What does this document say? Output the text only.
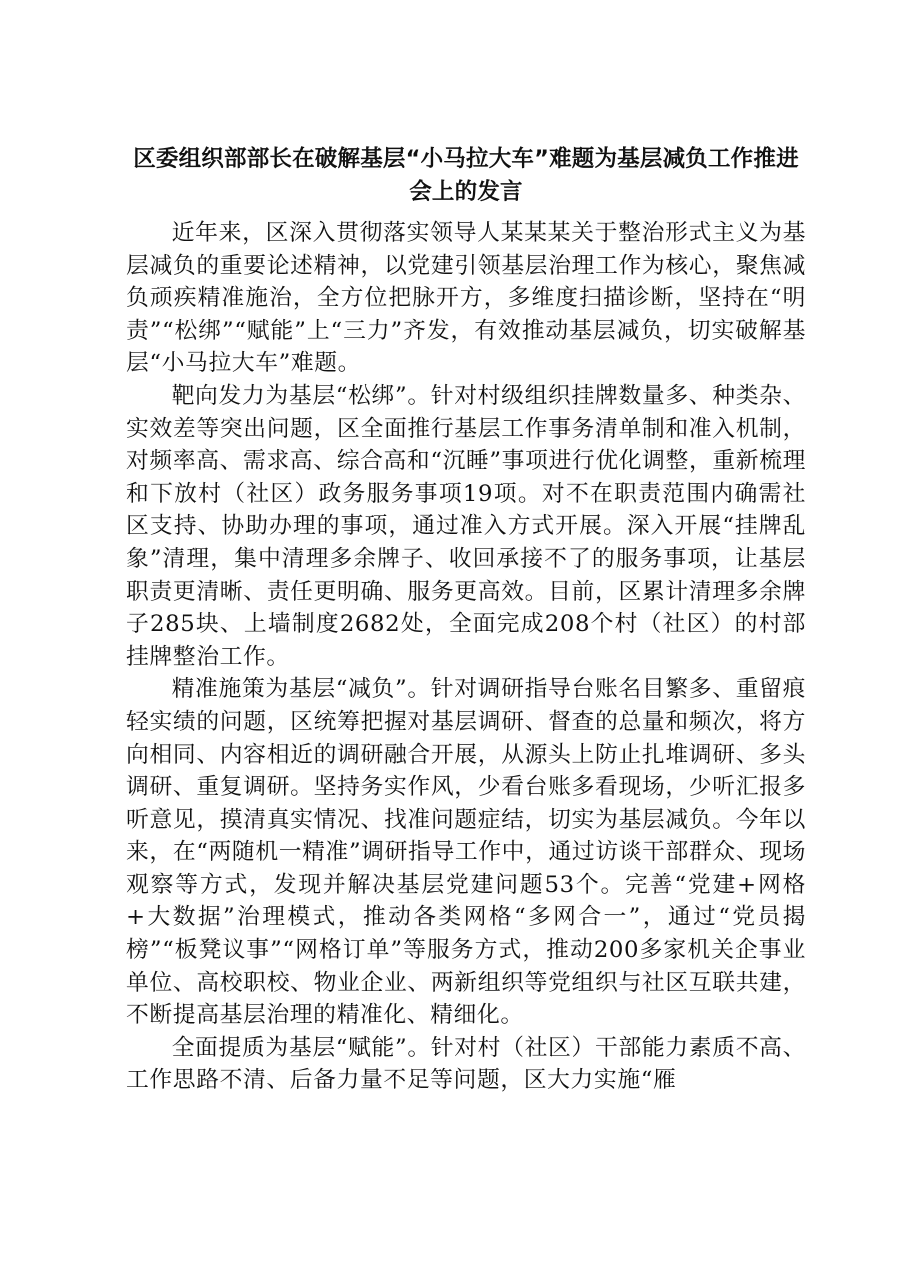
区委组织部部长在破解基层“小马拉大车”难题为基层减负工作推进会上的发言

近年来，区深入贯彻落实领导人某某某关于整治形式主义为基层减负的重要论述精神，以党建引领基层治理工作为核心，聚焦减负顽疾精准施治，全方位把脉开方，多维度扫描诊断，坚持在“明责”“松绑”“赋能”上“三力”齐发，有效推动基层减负，切实破解基层“小马拉大车”难题。

靶向发力为基层“松绑”。针对村级组织挂牌数量多、种类杂、实效差等突出问题，区全面推行基层工作事务清单制和准入机制，对频率高、需求高、综合高和“沉睡”事项进行优化调整，重新梳理和下放村（社区）政务服务事项19项。对不在职责范围内确需社区支持、协助办理的事项，通过准入方式开展。深入开展“挂牌乱象”清理，集中清理多余牌子、收回承接不了的服务事项，让基层职责更清晰、责任更明确、服务更高效。目前，区累计清理多余牌子285块、上墙制度2682处，全面完成208个村（社区）的村部挂牌整治工作。

精准施策为基层“减负”。针对调研指导台账名目繁多、重留痕轻实绩的问题，区统筹把握对基层调研、督查的总量和频次，将方向相同、内容相近的调研融合开展，从源头上防止扎堆调研、多头调研、重复调研。坚持务实作风，少看台账多看现场，少听汇报多听意见，摸清真实情况、找准问题症结，切实为基层减负。今年以来，在“两随机一精准”调研指导工作中，通过访谈干部群众、现场观察等方式，发现并解决基层党建问题53个。完善“党建+网格+大数据”治理模式，推动各类网格“多网合一”，通过“党员揭榜”“板凳议事”“网格订单”等服务方式，推动200多家机关企事业单位、高校职校、物业企业、两新组织等党组织与社区互联共建，不断提高基层治理的精准化、精细化。

全面提质为基层“赋能”。针对村（社区）干部能力素质不高、工作思路不清、后备力量不足等问题，区大力实施“雁
